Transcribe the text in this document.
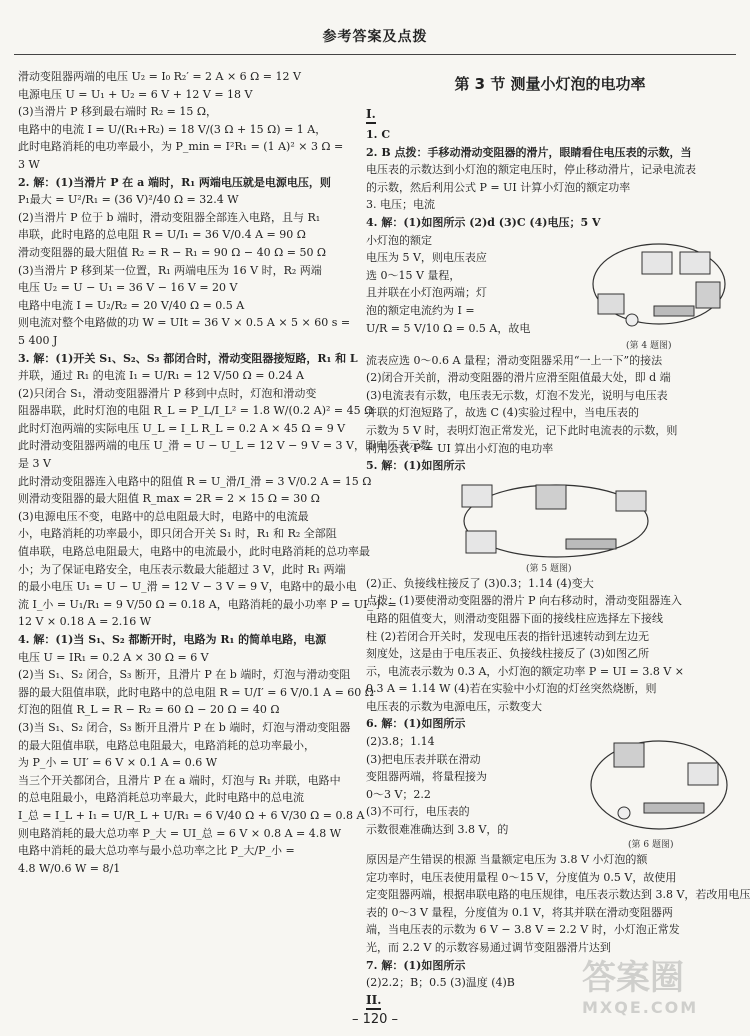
参考答案及点拨
滑动变阻器两端的电压 U₂ = I₀ R₂′ = 2 A × 6 Ω = 12 V
电源电压 U = U₁ + U₂ = 6 V + 12 V = 18 V
(3)当滑片 P 移到最右端时 R₂ = 15 Ω，
电路中的电流 I = U/(R₁+R₂) = 18 V/(3 Ω + 15 Ω) = 1 A，
此时电路消耗的电功率最小，为 P_min = I²R₁ = (1 A)² × 3 Ω =
3 W
2. 解：(1)当滑片 P 在 a 端时，R₁ 两端电压就是电源电压，则
P₁最大 = U²/R₁ = (36 V)²/40 Ω = 32.4 W
(2)当滑片 P 位于 b 端时，滑动变阻器全部连入电路，且与 R₁
串联，此时电路的总电阻 R = U/I₁ = 36 V/0.4 A = 90 Ω
滑动变阻器的最大阻值 R₂ = R − R₁ = 90 Ω − 40 Ω = 50 Ω
(3)当滑片 P 移到某一位置，R₁ 两端电压为 16 V 时，R₂ 两端
电压 U₂ = U − U₁ = 36 V − 16 V = 20 V
电路中电流 I = U₂/R₂ = 20 V/40 Ω = 0.5 A
则电流对整个电路做的功 W = UIt = 36 V × 0.5 A × 5 × 60 s =
5 400 J
3. 解：(1)开关 S₁、S₂、S₃ 都闭合时，滑动变阻器接短路，R₁ 和 L
并联，通过 R₁ 的电流 I₁ = U/R₁ = 12 V/50 Ω = 0.24 A
(2)只闭合 S₁，滑动变阻器滑片 P 移到中点时，灯泡和滑动变
阻器串联，此时灯泡的电阻 R_L = P_L/I_L² = 1.8 W/(0.2 A)² = 45 Ω
此时灯泡两端的实际电压 U_L = I_L R_L = 0.2 A × 45 Ω = 9 V
此时滑动变阻器两端的电压 U_滑 = U − U_L = 12 V − 9 V = 3 V，即电压表示数
是 3 V
此时滑动变阻器连入电路中的阻值 R = U_滑/I_滑 = 3 V/0.2 A = 15 Ω
则滑动变阻器的最大阻值 R_max = 2R = 2 × 15 Ω = 30 Ω
(3)电源电压不变，电路中的总电阻最大时，电路中的电流最
小，电路消耗的功率最小，即只闭合开关 S₁ 时，R₁ 和 R₂ 全部阻
值串联，电路总电阻最大，电路中的电流最小，此时电路消耗的总功率最
小；为了保证电路安全，电压表示数最大能超过 3 V，此时 R₁ 两端
的最小电压 U₁ = U − U_滑 = 12 V − 3 V = 9 V，电路中的最小电
流 I_小 = U₁/R₁ = 9 V/50 Ω = 0.18 A，电路消耗的最小功率 P = UI_小 =
12 V × 0.18 A = 2.16 W
4. 解：(1)当 S₁、S₂ 都断开时，电路为 R₁ 的简单电路，电源
电压 U = IR₁ = 0.2 A × 30 Ω = 6 V
(2)当 S₁、S₂ 闭合，S₃ 断开，且滑片 P 在 b 端时，灯泡与滑动变阻
器的最大阻值串联，此时电路中的总电阻 R = U/I′ = 6 V/0.1 A = 60 Ω
灯泡的阻值 R_L = R − R₂ = 60 Ω − 20 Ω = 40 Ω
(3)当 S₁、S₂ 闭合，S₃ 断开且滑片 P 在 b 端时，灯泡与滑动变阻器
的最大阻值串联，电路总电阻最大，电路消耗的总功率最小，
为 P_小 = UI′ = 6 V × 0.1 A = 0.6 W
当三个开关都闭合，且滑片 P 在 a 端时，灯泡与 R₁ 并联，电路中
的总电阻最小，电路消耗总功率最大，此时电路中的总电流
I_总 = I_L + I₁ = U/R_L + U/R₁ = 6 V/40 Ω + 6 V/30 Ω = 0.8 A
则电路消耗的最大总功率 P_大 = UI_总 = 6 V × 0.8 A = 4.8 W
电路中消耗的最大总功率与最小总功率之比 P_大/P_小 =
4.8 W/0.6 W = 8/1
第 3 节 测量小灯泡的电功率
I.
1. C
2. B 点拨：手移动滑动变阻器的滑片，眼睛看住电压表的示数，当
电压表的示数达到小灯泡的额定电压时，停止移动滑片，记录电流表
的示数，然后利用公式 P = UI 计算小灯泡的额定功率
3. 电压；电流
4. 解：(1)如图所示 (2)d (3)C (4)电压；5 V
(第 4 题图)
小灯泡的额定
电压为 5 V，则电压表应
选 0～15 V 量程，
且并联在小灯泡两端；灯
泡的额定电流约为 I =
U/R = 5 V/10 Ω = 0.5 A，故电
流表应选 0～0.6 A 量程；滑动变阻器采用“一上一下”的接法
(2)闭合开关前，滑动变阻器的滑片应滑至阻值最大处，即 d 端
(3)电流表有示数，电压表无示数，灯泡不发光，说明与电压表
并联的灯泡短路了，故选 C (4)实验过程中，当电压表的
示数为 5 V 时，表明灯泡正常发光，记下此时电流表的示数，则
利用公式 P = UI 算出小灯泡的电功率
5. 解：(1)如图所示
(第 5 题图)
(2)正、负接线柱接反了 (3)0.3；1.14 (4)变大
点拨：(1)要使滑动变阻器的滑片 P 向右移动时，滑动变阻器连入
电路的阻值变大，则滑动变阻器下面的接线柱应选择左下接线
柱 (2)若闭合开关时，发现电压表的指针迅速转动到左边无
刻度处，这是由于电压表正、负接线柱接反了 (3)如图乙所
示，电流表示数为 0.3 A，小灯泡的额定功率 P = UI = 3.8 V ×
0.3 A = 1.14 W (4)若在实验中小灯泡的灯丝突然烧断，则
电压表的示数为电源电压，示数变大
6. 解：(1)如图所示
(第 6 题图)
(2)3.8；1.14
(3)把电压表并联在滑动
变阻器两端，将量程接为
0～3 V；2.2
(3)不可行，电压表的
示数很难准确达到 3.8 V，的
原因是产生错误的根源 当量额定电压为 3.8 V 小灯泡的额
定功率时，电压表使用量程 0～15 V，分度值为 0.5 V，故使用
定变阻器两端，根据串联电路的电压规律，电压表示数达到 3.8 V，若改用电压
表的 0～3 V 量程，分度值为 0.1 V，将其并联在滑动变阻器两
端，当电压表的示数为 6 V − 3.8 V = 2.2 V 时，小灯泡正常发
光，而 2.2 V 的示数容易通过调节变阻器滑片达到
7. 解：(1)如图所示
(2)2.2；B；0.5 (3)温度 (4)B
II.
– 120 –
答案圈
MXQE.COM
